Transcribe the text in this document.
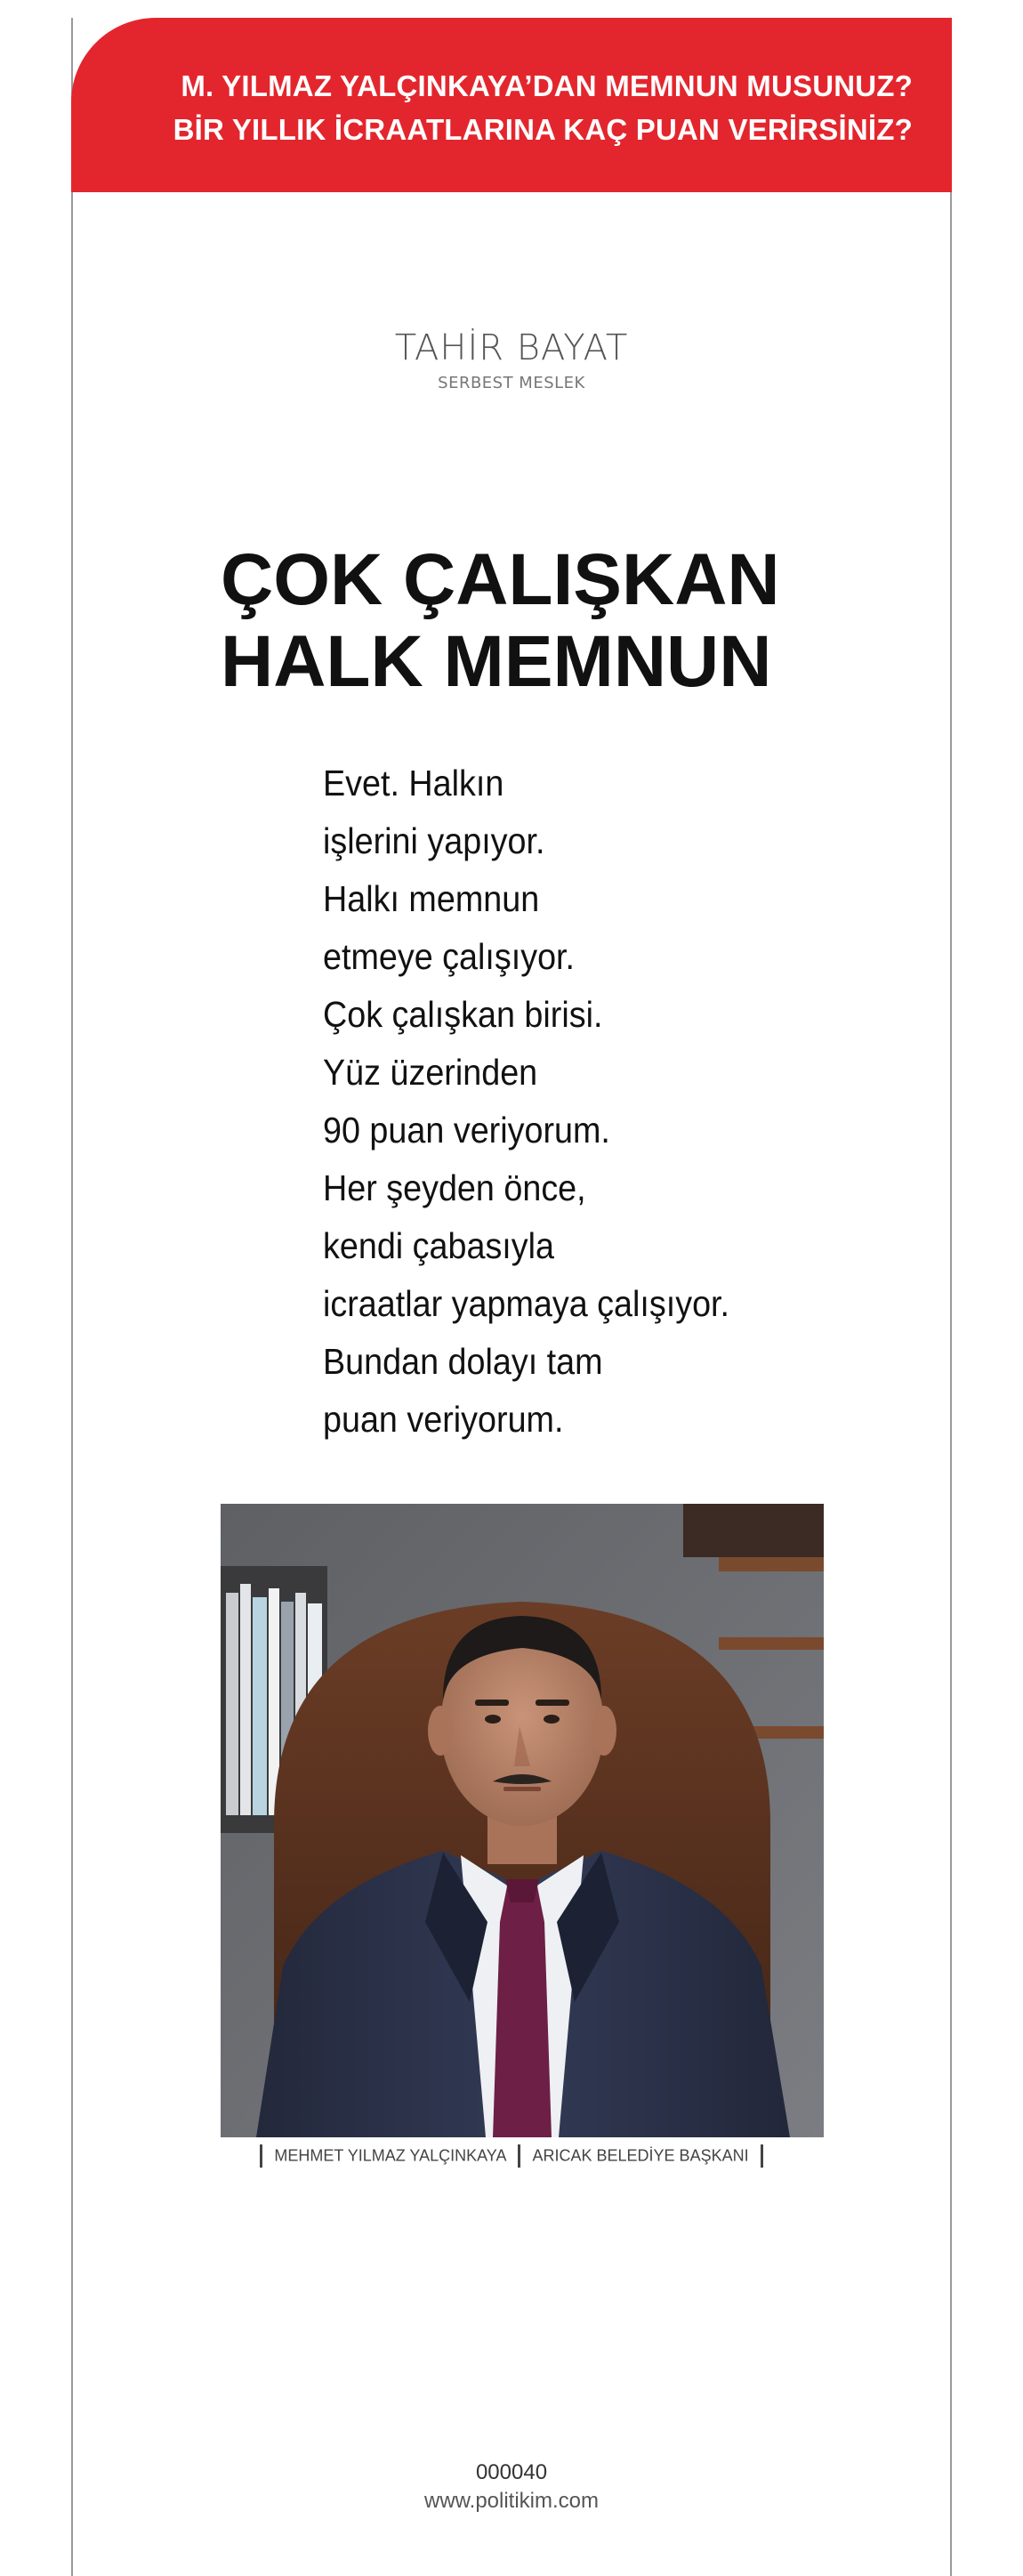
M. YILMAZ YALÇINKAYA’DAN MEMNUN MUSUNUZ?
BİR YILLIK İCRAATLARINA KAÇ PUAN VERİRSİNİZ?
TAHİR BAYAT
SERBEST MESLEK
ÇOK ÇALIŞKAN
HALK MEMNUN
Evet. Halkın
işlerini yapıyor.
Halkı memnun
etmeye çalışıyor.
Çok çalışkan birisi.
Yüz üzerinden
90 puan veriyorum.
Her şeyden önce,
kendi çabasıyla
icraatlar yapmaya çalışıyor.
Bundan dolayı tam
puan veriyorum.
MEHMET YILMAZ YALÇINKAYA ARICAK BELEDİYE BAŞKANI
000040
www.politikim.com
